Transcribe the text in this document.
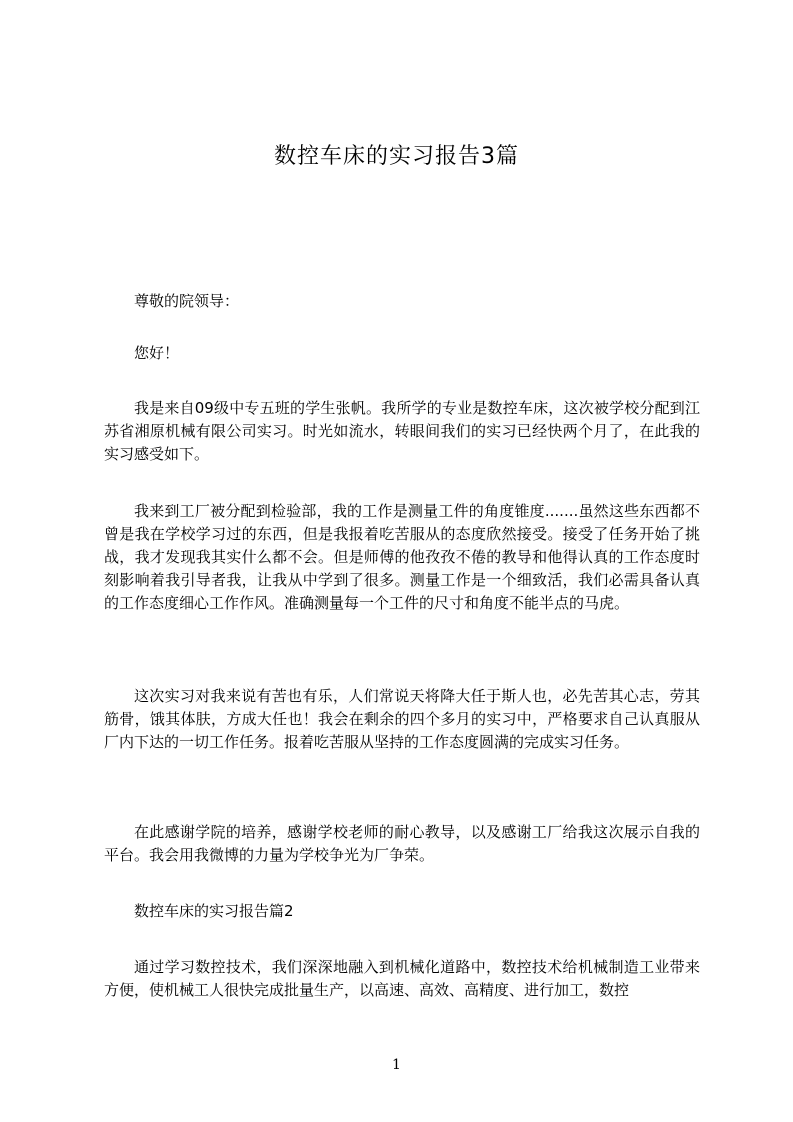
数控车床的实习报告3篇

尊敬的院领导：

您好！

我是来自09级中专五班的学生张帆。我所学的专业是数控车床，这次被学校分配到江苏省湘原机械有限公司实习。时光如流水，转眼间我们的实习已经快两个月了，在此我的实习感受如下。

我来到工厂被分配到检验部，我的工作是测量工件的角度锥度.......虽然这些东西都不曾是我在学校学习过的东西，但是我报着吃苦服从的态度欣然接受。接受了任务开始了挑战，我才发现我其实什么都不会。但是师傅的他孜孜不倦的教导和他得认真的工作态度时刻影响着我引导者我，让我从中学到了很多。测量工作是一个细致活，我们必需具备认真的工作态度细心工作作风。准确测量每一个工件的尺寸和角度不能半点的马虎。

这次实习对我来说有苦也有乐，人们常说天将降大任于斯人也，必先苦其心志，劳其筋骨，饿其体肤，方成大任也！我会在剩余的四个多月的实习中，严格要求自己认真服从厂内下达的一切工作任务。报着吃苦服从坚持的工作态度圆满的完成实习任务。

在此感谢学院的培养，感谢学校老师的耐心教导，以及感谢工厂给我这次展示自我的平台。我会用我微博的力量为学校争光为厂争荣。

数控车床的实习报告篇2

通过学习数控技术，我们深深地融入到机械化道路中，数控技术给机械制造工业带来方便，使机械工人很快完成批量生产，以高速、高效、高精度、进行加工，数控

1
